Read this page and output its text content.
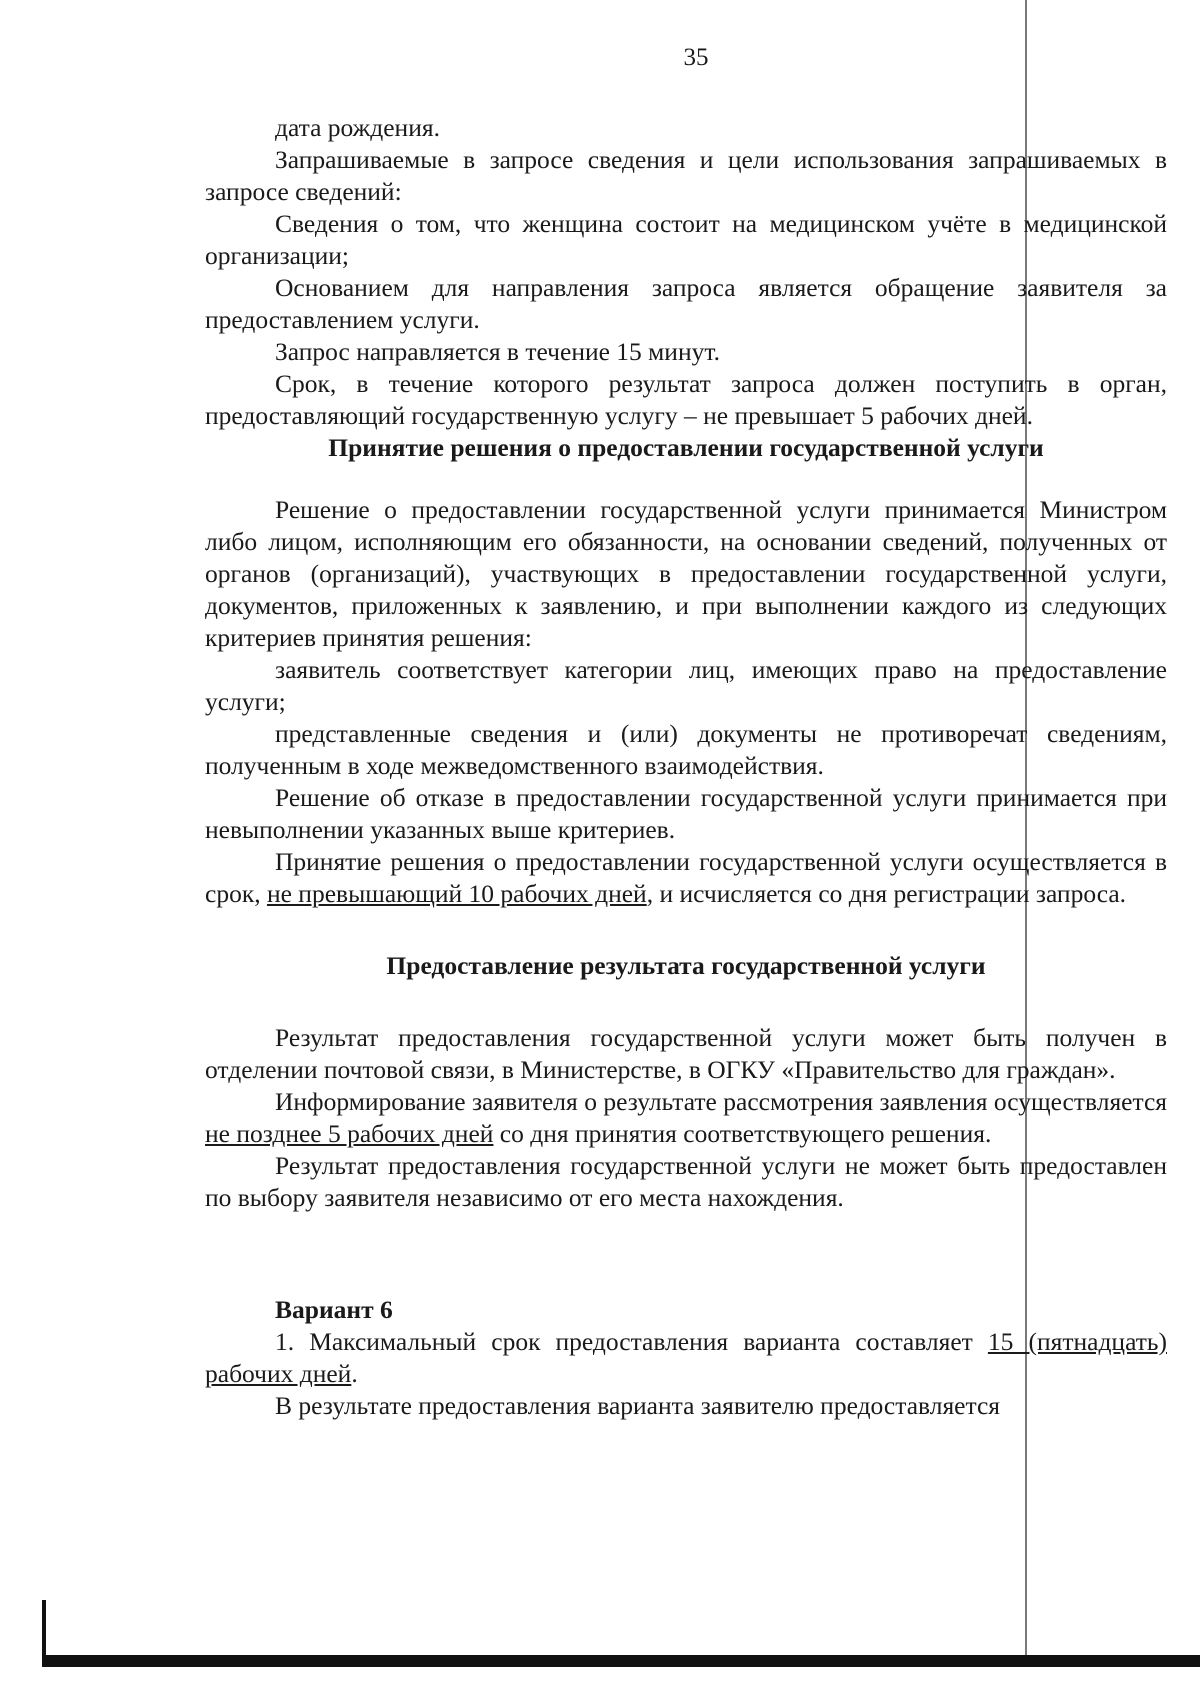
35

дата рождения.

Запрашиваемые в запросе сведения и цели использования запрашиваемых в запросе сведений:

Сведения о том, что женщина состоит на медицинском учёте в медицинской организации;

Основанием для направления запроса является обращение заявителя за предоставлением услуги.

Запрос направляется в течение 15 минут.

Срок, в течение которого результат запроса должен поступить в орган, предоставляющий государственную услугу – не превышает 5 рабочих дней.

Принятие решения о предоставлении государственной услуги

Решение о предоставлении государственной услуги принимается Министром либо лицом, исполняющим его обязанности, на основании сведений, полученных от органов (организаций), участвующих в предоставлении государственной услуги, документов, приложенных к заявлению, и при выполнении каждого из следующих критериев принятия решения:

заявитель соответствует категории лиц, имеющих право на предоставление услуги;

представленные сведения и (или) документы не противоречат сведениям, полученным в ходе межведомственного взаимодействия.

Решение об отказе в предоставлении государственной услуги принимается при невыполнении указанных выше критериев.

Принятие решения о предоставлении государственной услуги осуществляется в срок, не превышающий 10 рабочих дней, и исчисляется со дня регистрации запроса.

Предоставление результата государственной услуги

Результат предоставления государственной услуги может быть получен в отделении почтовой связи, в Министерстве, в ОГКУ «Правительство для граждан».

Информирование заявителя о результате рассмотрения заявления осуществляется не позднее 5 рабочих дней со дня принятия соответствующего решения.

Результат предоставления государственной услуги не может быть предоставлен по выбору заявителя независимо от его места нахождения.

Вариант 6

1. Максимальный срок предоставления варианта составляет 15 (пятнадцать) рабочих дней.

В результате предоставления варианта заявителю предоставляется
